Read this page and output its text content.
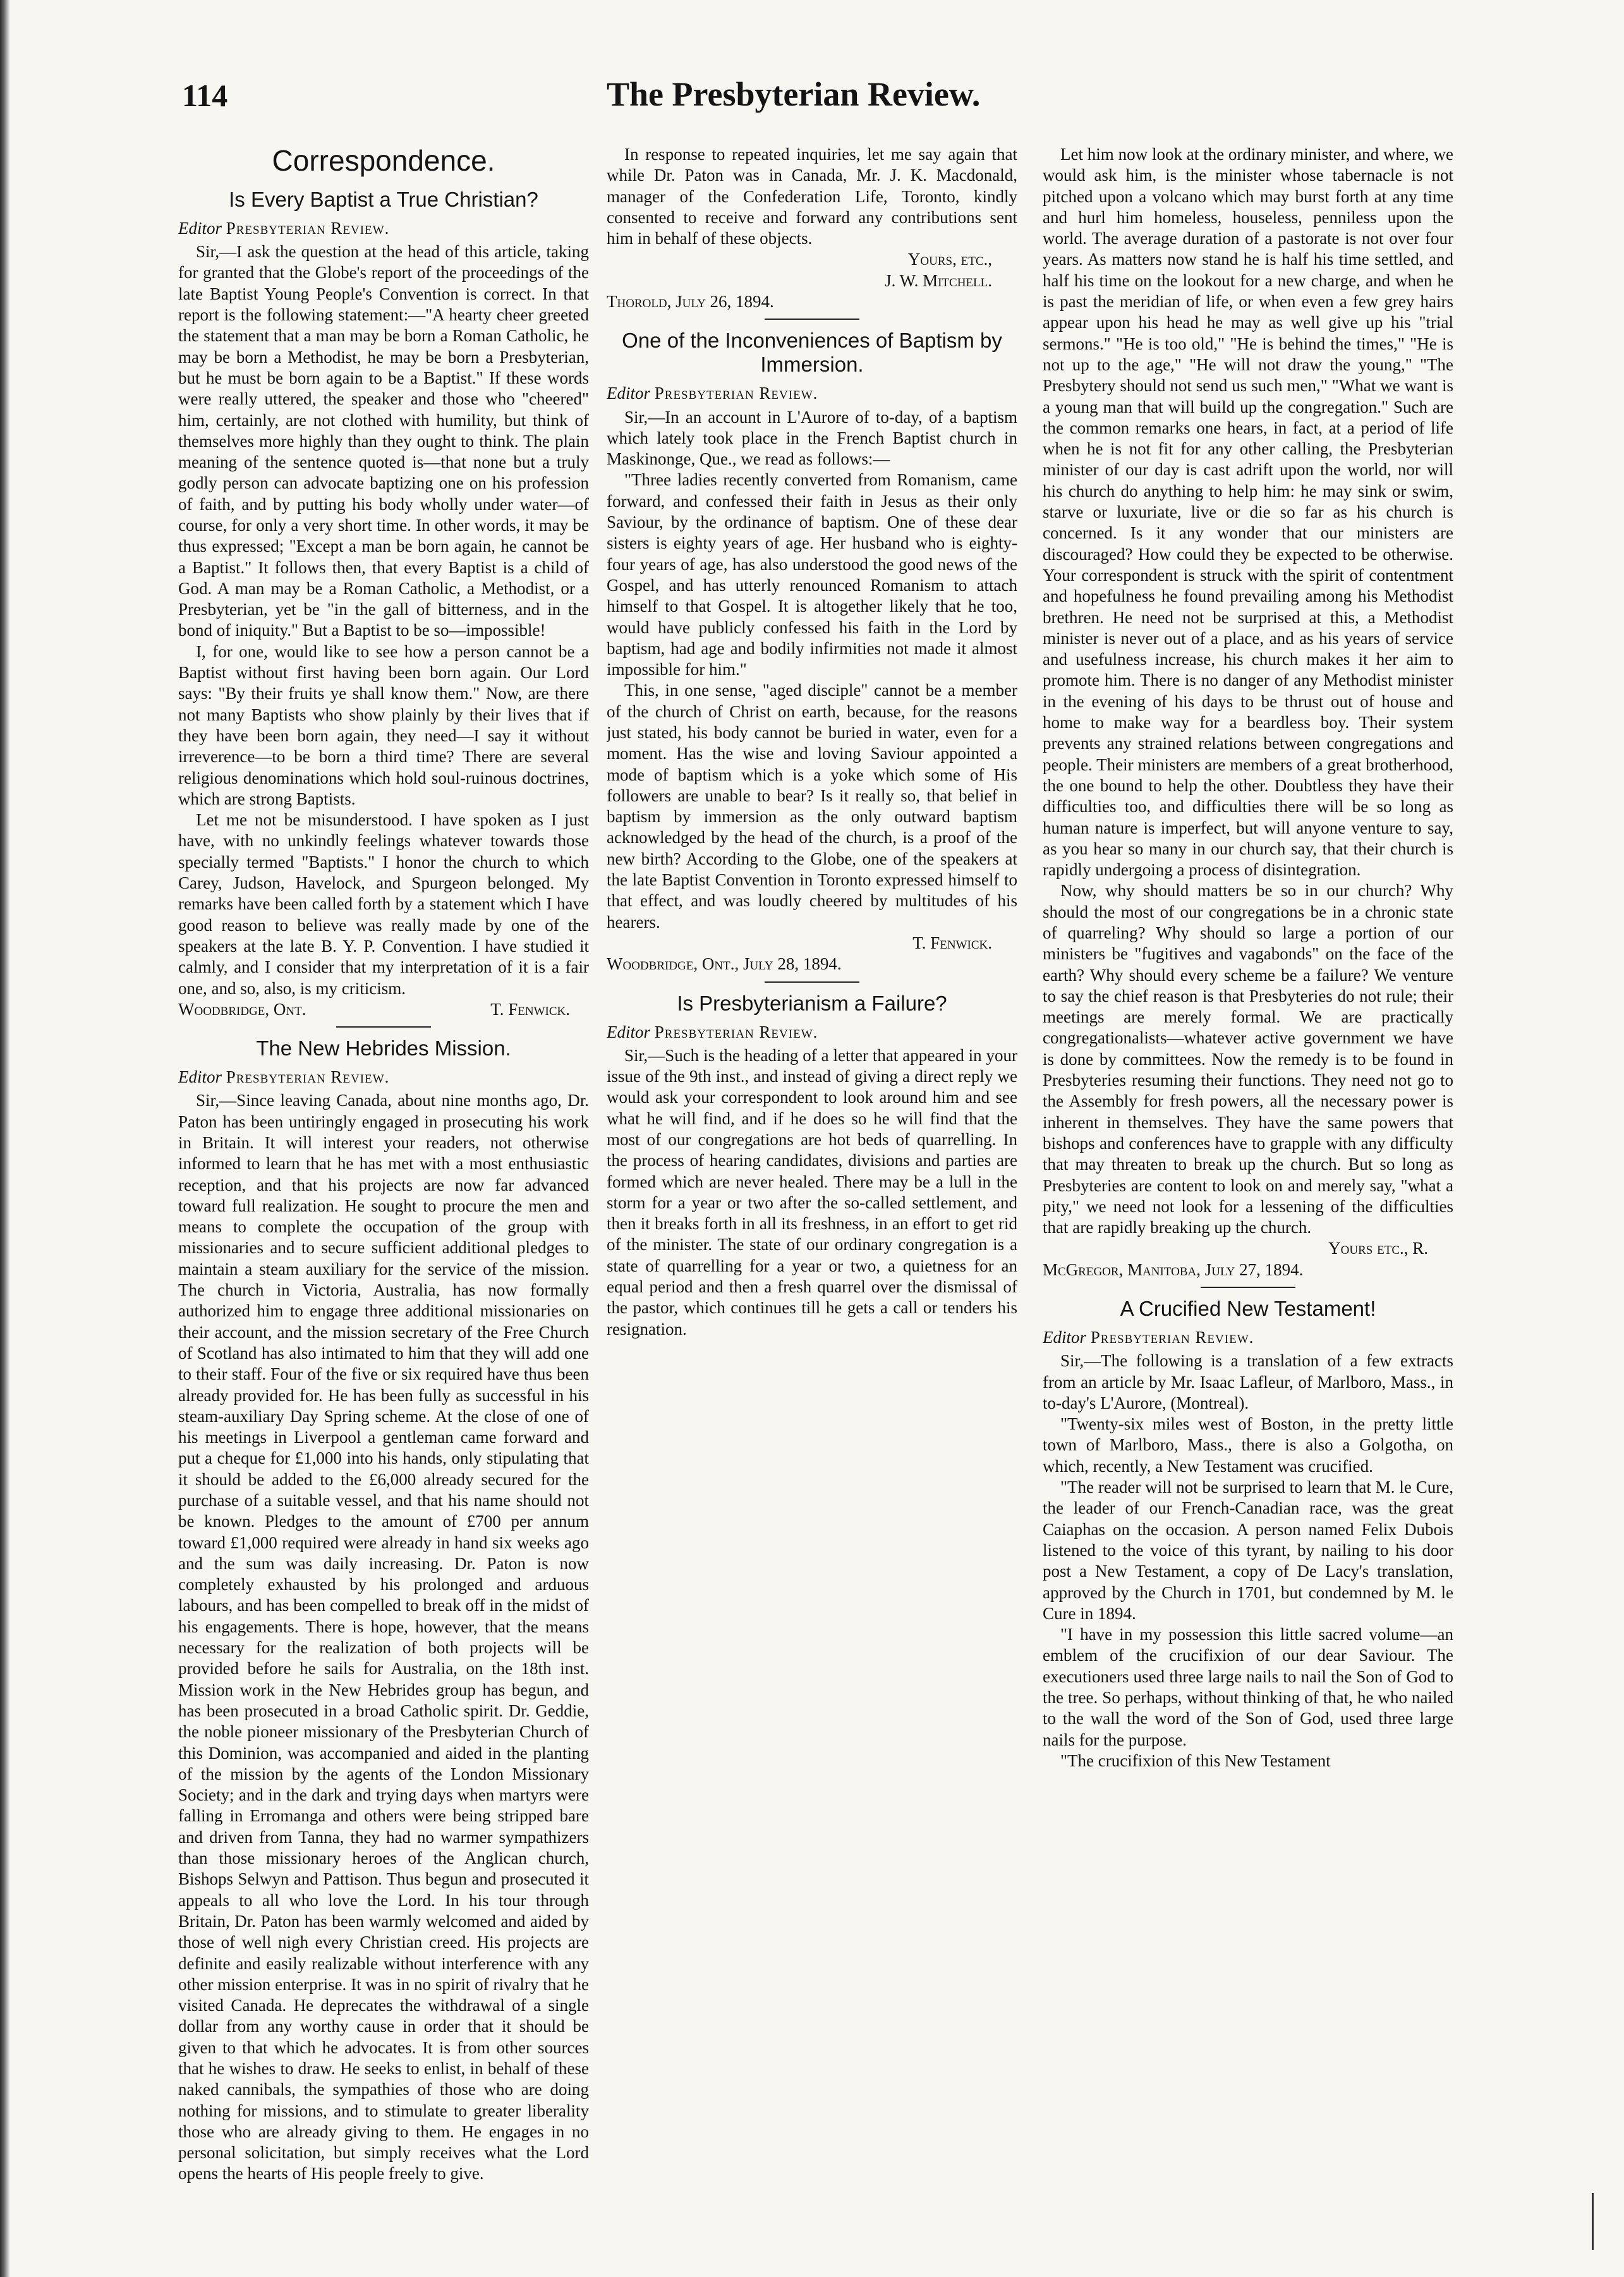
114	The Presbyterian Review.
Correspondence.
Is Every Baptist a True Christian?
Editor Presbyterian Review.

Sir,—I ask the question at the head of this article, taking for granted that the Globe's report of the proceedings of the late Baptist Young People's Convention is correct. In that report is the following statement:—"A hearty cheer greeted the statement that a man may be born a Roman Catholic, he may be born a Methodist, he may be born a Presbyterian, but he must be born again to be a Baptist." If these words were really uttered, the speaker and those who "cheered" him, certainly, are not clothed with humility, but think of themselves more highly than they ought to think. The plain meaning of the sentence quoted is—that none but a truly godly person can advocate baptizing one on his profession of faith, and by putting his body wholly under water—of course, for only a very short time. In other words, it may be thus expressed; "Except a man be born again, he cannot be a Baptist." It follows then, that every Baptist is a child of God. A man may be a Roman Catholic, a Methodist, or a Presbyterian, yet be "in the gall of bitterness, and in the bond of iniquity." But a Baptist to be so—impossible!

I, for one, would like to see how a person cannot be a Baptist without first having been born again. Our Lord says: "By their fruits ye shall know them." Now, are there not many Baptists who show plainly by their lives that if they have been born again, they need—I say it without irreverence—to be born a third time? There are several religious denominations which hold soul-ruinous doctrines, which are strong Baptists.

Let me not be misunderstood. I have spoken as I just have, with no unkindly feelings whatever towards those specially termed "Baptists." I honor the church to which Carey, Judson, Havelock, and Spurgeon belonged. My remarks have been called forth by a statement which I have good reason to believe was really made by one of the speakers at the late B. Y. P. Convention. I have studied it calmly, and I consider that my interpretation of it is a fair one, and so, also, is my criticism.

T. Fenwick.
Woodbridge, Ont.

The New Hebrides Mission.
Editor Presbyterian Review.

Sir,—Since leaving Canada, about nine months ago, Dr. Paton has been untiringly engaged in prosecuting his work in Britain. It will interest your readers, not otherwise informed to learn that he has met with a most enthusiastic reception, and that his projects are now far advanced toward full realization. He sought to procure the men and means to complete the occupation of the group with missionaries and to secure sufficient additional pledges to maintain a steam auxiliary for the service of the mission. The church in Victoria, Australia, has now formally authorized him to engage three additional missionaries on their account, and the mission secretary of the Free Church of Scotland has also intimated to him that they will add one to their staff. Four of the five or six required have thus been already provided for. He has been fully as successful in his steam-auxiliary Day Spring scheme. At the close of one of his meetings in Liverpool a gentleman came forward and put a cheque for £1,000 into his hands, only stipulating that it should be added to the £6,000 already secured for the purchase of a suitable vessel, and that his name should not be known. Pledges to the amount of £700 per annum toward £1,000 required were already in hand six weeks ago and the sum was daily increasing. Dr. Paton is now completely exhausted by his prolonged and arduous labours, and has been compelled to break off in the midst of his engagements. There is hope, however, that the means necessary for the realization of both projects will be provided before he sails for Australia, on the 18th inst. Mission work in the New Hebrides group has begun, and has been prosecuted in a broad Catholic spirit. Dr. Geddie, the noble pioneer missionary of the Presbyterian Church of this Dominion, was accompanied and aided in the planting of the mission by the agents of the London Missionary Society; and in the dark and trying days when martyrs were falling in Erromanga and others were being stripped bare and driven from Tanna, they had no warmer sympathizers than those missionary heroes of the Anglican church, Bishops Selwyn and Pattison. Thus begun and prosecuted it appeals to all who love the Lord. In his tour through Britain, Dr. Paton has been warmly welcomed and aided by those of well nigh every Christian creed. His projects are definite and easily realizable without interference with any other mission enterprise. It was in no spirit of rivalry that he visited Canada. He deprecates the withdrawal of a single dollar from any worthy cause in order that it should be given to that which he advocates. It is from other sources that he wishes to draw. He seeks to enlist, in behalf of these naked cannibals, the sympathies of those who are doing nothing for missions, and to stimulate to greater liberality those who are already giving to them. He engages in no personal solicitation, but simply receives what the Lord opens the hearts of His people freely to give.

In response to repeated inquiries, let me say again that while Dr. Paton was in Canada, Mr. J. K. Macdonald, manager of the Confederation Life, Toronto, kindly consented to receive and forward any contributions sent him in behalf of these objects.

Yours, etc.,

J. W. Mitchell.

Thorold, July 26, 1894.

One of the Inconveniences of Baptism by Immersion.
Editor Presbyterian Review.

Sir,—In an account in L'Aurore of to-day, of a baptism which lately took place in the French Baptist church in Maskinonge, Que., we read as follows:—

"Three ladies recently converted from Romanism, came forward, and confessed their faith in Jesus as their only Saviour, by the ordinance of baptism. One of these dear sisters is eighty years of age. Her husband who is eighty-four years of age, has also understood the good news of the Gospel, and has utterly renounced Romanism to attach himself to that Gospel. It is altogether likely that he too, would have publicly confessed his faith in the Lord by baptism, had age and bodily infirmities not made it almost impossible for him."

This, in one sense, "aged disciple" cannot be a member of the church of Christ on earth, because, for the reasons just stated, his body cannot be buried in water, even for a moment. Has the wise and loving Saviour appointed a mode of baptism which is a yoke which some of His followers are unable to bear? Is it really so, that belief in baptism by immersion as the only outward baptism acknowledged by the head of the church, is a proof of the new birth? According to the Globe, one of the speakers at the late Baptist Convention in Toronto expressed himself to that effect, and was loudly cheered by multitudes of his hearers.

T. Fenwick.

Woodbridge, Ont., July 28, 1894.

Is Presbyterianism a Failure?
Editor Presbyterian Review.

Sir,—Such is the heading of a letter that appeared in your issue of the 9th inst., and instead of giving a direct reply we would ask your correspondent to look around him and see what he will find, and if he does so he will find that the most of our congregations are hot beds of quarrelling. In the process of hearing candidates, divisions and parties are formed which are never healed. There may be a lull in the storm for a year or two after the so-called settlement, and then it breaks forth in all its freshness, in an effort to get rid of the minister. The state of our ordinary congregation is a state of quarrelling for a year or two, a quietness for an equal period and then a fresh quarrel over the dismissal of the pastor, which continues till he gets a call or tenders his resignation.

Let him now look at the ordinary minister, and where, we would ask him, is the minister whose tabernacle is not pitched upon a volcano which may burst forth at any time and hurl him homeless, houseless, penniless upon the world. The average duration of a pastorate is not over four years. As matters now stand he is half his time settled, and half his time on the lookout for a new charge, and when he is past the meridian of life, or when even a few grey hairs appear upon his head he may as well give up his "trial sermons." "He is too old," "He is behind the times," "He is not up to the age," "He will not draw the young," "The Presbytery should not send us such men," "What we want is a young man that will build up the congregation." Such are the common remarks one hears, in fact, at a period of life when he is not fit for any other calling, the Presbyterian minister of our day is cast adrift upon the world, nor will his church do anything to help him: he may sink or swim, starve or luxuriate, live or die so far as his church is concerned. Is it any wonder that our ministers are discouraged? How could they be expected to be otherwise. Your correspondent is struck with the spirit of contentment and hopefulness he found prevailing among his Methodist brethren. He need not be surprised at this, a Methodist minister is never out of a place, and as his years of service and usefulness increase, his church makes it her aim to promote him. There is no danger of any Methodist minister in the evening of his days to be thrust out of house and home to make way for a beardless boy. Their system prevents any strained relations between congregations and people. Their ministers are members of a great brotherhood, the one bound to help the other. Doubtless they have their difficulties too, and difficulties there will be so long as human nature is imperfect, but will anyone venture to say, as you hear so many in our church say, that their church is rapidly undergoing a process of disintegration.

Now, why should matters be so in our church? Why should the most of our congregations be in a chronic state of quarreling? Why should so large a portion of our ministers be "fugitives and vagabonds" on the face of the earth? Why should every scheme be a failure? We venture to say the chief reason is that Presbyteries do not rule; their meetings are merely formal. We are practically congregationalists—whatever active government we have is done by committees. Now the remedy is to be found in Presbyteries resuming their functions. They need not go to the Assembly for fresh powers, all the necessary power is inherent in themselves. They have the same powers that bishops and conferences have to grapple with any difficulty that may threaten to break up the church. But so long as Presbyteries are content to look on and merely say, "what a pity," we need not look for a lessening of the difficulties that are rapidly breaking up the church.

Yours etc., R.

McGregor, Manitoba, July 27, 1894.

A Crucified New Testament!
Editor Presbyterian Review.

Sir,—The following is a translation of a few extracts from an article by Mr. Isaac Lafleur, of Marlboro, Mass., in to-day's L'Aurore, (Montreal).

"Twenty-six miles west of Boston, in the pretty little town of Marlboro, Mass., there is also a Golgotha, on which, recently, a New Testament was crucified.

"The reader will not be surprised to learn that M. le Cure, the leader of our French-Canadian race, was the great Caiaphas on the occasion. A person named Felix Dubois listened to the voice of this tyrant, by nailing to his door post a New Testament, a copy of De Lacy's translation, approved by the Church in 1701, but condemned by M. le Cure in 1894.

"I have in my possession this little sacred volume—an emblem of the crucifixion of our dear Saviour. The executioners used three large nails to nail the Son of God to the tree. So perhaps, without thinking of that, he who nailed to the wall the word of the Son of God, used three large nails for the purpose.

"The crucifixion of this New Testament
